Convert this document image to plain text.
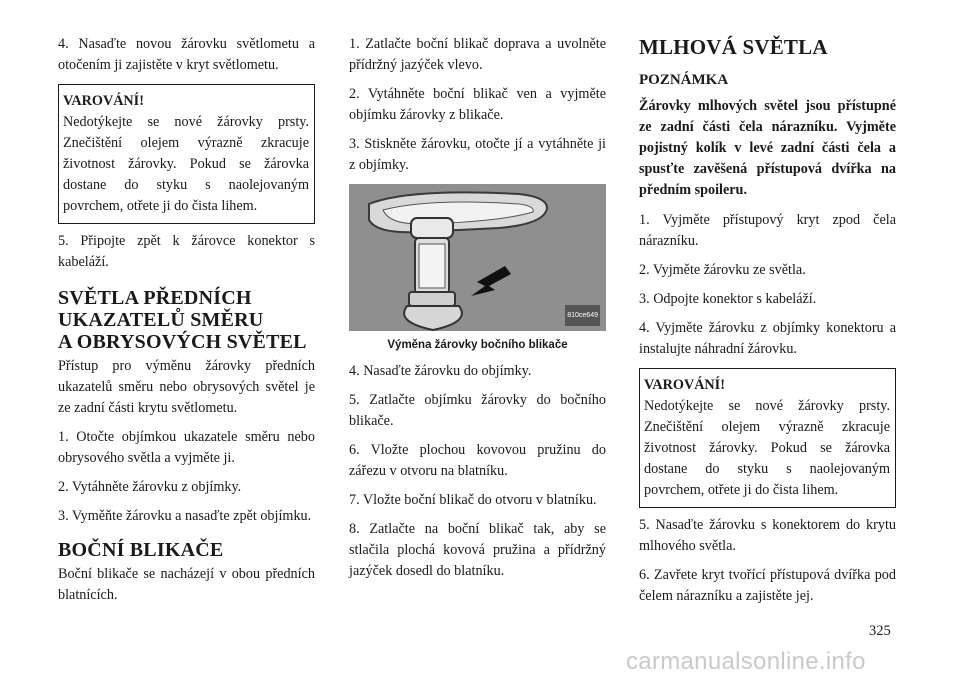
4. Nasaďte novou žárovku světlometu a otočením ji zajistěte v kryt světlometu.

VAROVÁNÍ!
Nedotýkejte se nové žárovky prsty. Znečištění olejem výrazně zkracuje životnost žárovky. Pokud se žárovka dostane do styku s naolejovaným povrchem, otřete ji do čista lihem.

5. Připojte zpět k žárovce konektor s kabeláží.

SVĚTLA PŘEDNÍCH
UKAZATELŮ SMĚRU
A OBRYSOVÝCH SVĚTEL

Přístup pro výměnu žárovky předních ukazatelů směru nebo obrysových světel je ze zadní části krytu světlometu.

1. Otočte objímkou ukazatele směru nebo obrysového světla a vyjměte ji.

2. Vytáhněte žárovku z objímky.

3. Vyměňte žárovku a nasaďte zpět objímku.

BOČNÍ BLIKAČE

Boční blikače se nacházejí v obou předních blatnících.

1. Zatlačte boční blikač doprava a uvolněte přídržný jazýček vlevo.

2. Vytáhněte boční blikač ven a vyjměte objímku žárovky z blikače.

3. Stiskněte žárovku, otočte jí a vytáhněte ji z objímky.

810ce649

Výměna žárovky bočního blikače

4. Nasaďte žárovku do objímky.

5. Zatlačte objímku žárovky do bočního blikače.

6. Vložte plochou kovovou pružinu do zářezu v otvoru na blatníku.

7. Vložte boční blikač do otvoru v blatníku.

8. Zatlačte na boční blikač tak, aby se stlačila plochá kovová pružina a přídržný jazýček dosedl do blatníku.

MLHOVÁ SVĚTLA
POZNÁMKA

Žárovky mlhových světel jsou přístupné ze zadní části čela nárazníku. Vyjměte pojistný kolík v levé zadní části čela a spusťte zavěšená přístupová dvířka na předním spoileru.

1. Vyjměte přístupový kryt zpod čela nárazníku.

2. Vyjměte žárovku ze světla.

3. Odpojte konektor s kabeláží.

4. Vyjměte žárovku z objímky konektoru a instalujte náhradní žárovku.

VAROVÁNÍ!
Nedotýkejte se nové žárovky prsty. Znečištění olejem výrazně zkracuje životnost žárovky. Pokud se žárovka dostane do styku s naolejovaným povrchem, otřete ji do čista lihem.

5. Nasaďte žárovku s konektorem do krytu mlhového světla.

6. Zavřete kryt tvořící přístupová dvířka pod čelem nárazníku a zajistěte jej.

325
carmanualsonline.info
